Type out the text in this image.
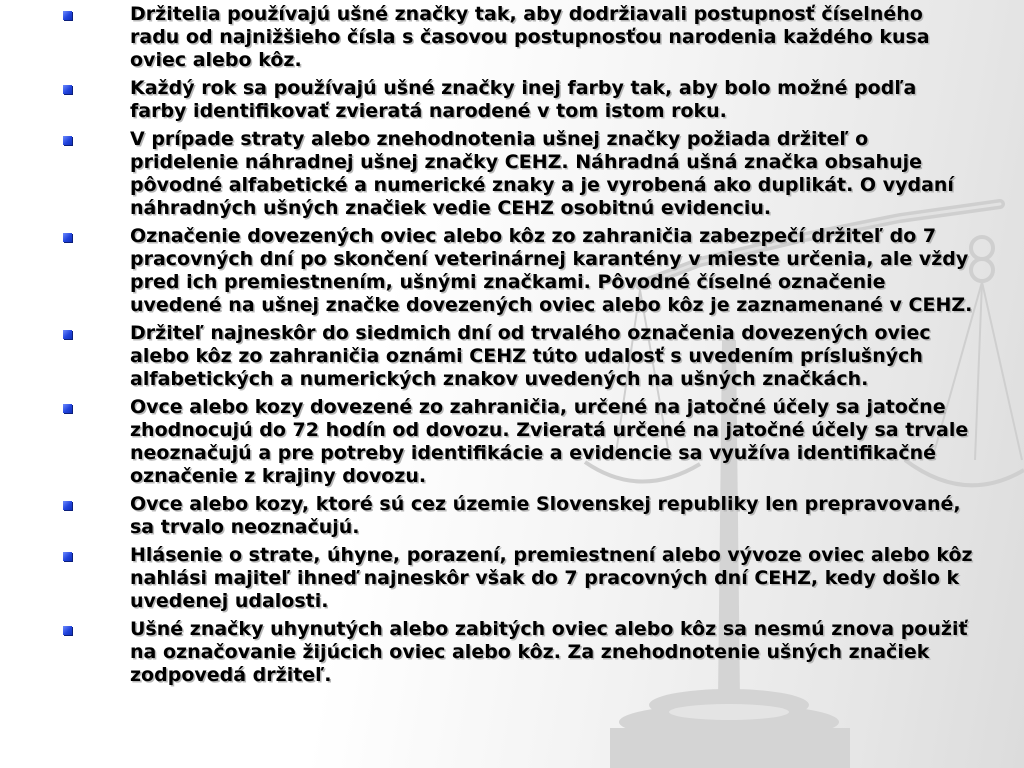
Držitelia používajú ušné značky tak, aby dodržiavali postupnosť číselného radu od najnižšieho čísla s časovou postupnosťou narodenia každého kusa oviec alebo kôz.
Každý rok sa používajú ušné značky inej farby tak, aby bolo možné podľa farby identifikovať zvieratá narodené v tom istom roku.
V prípade straty alebo znehodnotenia ušnej značky požiada držiteľ o pridelenie náhradnej ušnej značky CEHZ. Náhradná ušná značka obsahuje pôvodné alfabetické a numerické znaky a je vyrobená ako duplikát. O vydaní náhradných ušných značiek vedie CEHZ osobitnú evidenciu.
Označenie dovezených oviec alebo kôz zo zahraničia zabezpečí držiteľ do 7 pracovných dní po skončení veterinárnej karantény v mieste určenia, ale vždy pred ich premiestnením, ušnými značkami. Pôvodné číselné označenie uvedené na ušnej značke dovezených oviec alebo kôz je zaznamenané v CEHZ.
Držiteľ najneskôr do siedmich dní od trvalého označenia dovezených oviec alebo kôz zo zahraničia oznámi CEHZ túto udalosť s uvedením príslušných alfabetických a numerických znakov uvedených na ušných značkách.
Ovce alebo kozy dovezené zo zahraničia, určené na jatočné účely sa jatočne zhodnocujú do 72 hodín od dovozu. Zvieratá určené na jatočné účely sa trvale neoznačujú a pre potreby identifikácie a evidencie sa využíva identifikačné označenie z krajiny dovozu.
Ovce alebo kozy, ktoré sú cez územie Slovenskej republiky len prepravované, sa trvalo neoznačujú.
Hlásenie o strate, úhyne, porazení, premiestnení alebo vývoze oviec alebo kôz nahlási majiteľ ihneď najneskôr však do 7 pracovných dní CEHZ, kedy došlo k uvedenej udalosti.
Ušné značky uhynutých alebo zabitých oviec alebo kôz sa nesmú znova použiť na označovanie žijúcich oviec alebo kôz. Za znehodnotenie ušných značiek zodpovedá držiteľ.
